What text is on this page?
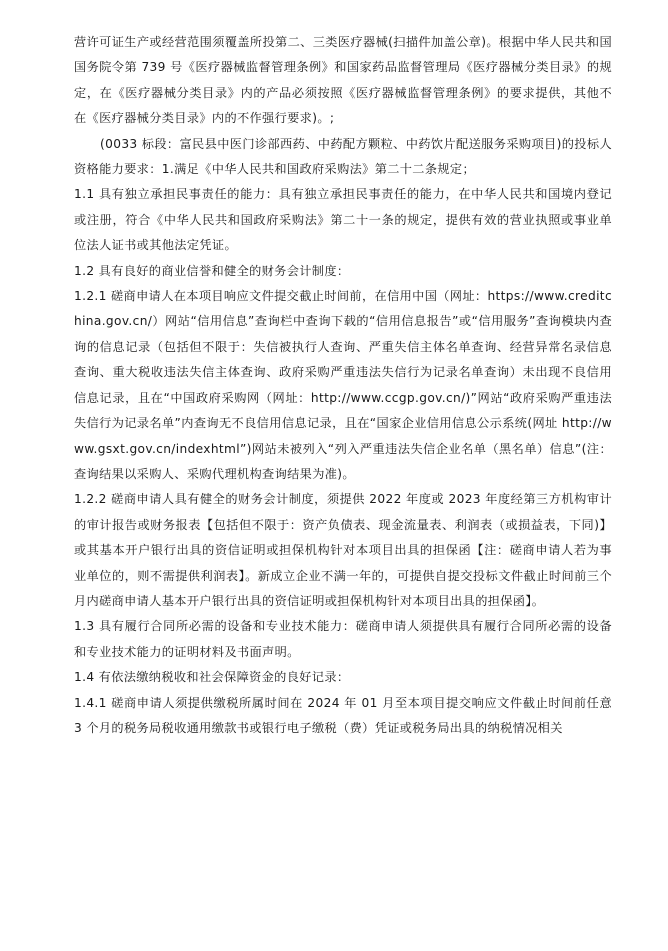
营许可证生产或经营范围须覆盖所投第二、三类医疗器械(扫描件加盖公章)。根据中华人民共和国国务院令第 739 号《医疗器械监督管理条例》和国家药品监督管理局《医疗器械分类目录》的规定，在《医疗器械分类目录》内的产品必须按照《医疗器械监督管理条例》的要求提供，其他不在《医疗器械分类目录》内的不作强行要求)。;

(0033 标段：富民县中医门诊部西药、中药配方颗粒、中药饮片配送服务采购项目)的投标人资格能力要求：1.满足《中华人民共和国政府采购法》第二十二条规定；

1.1 具有独立承担民事责任的能力：具有独立承担民事责任的能力，在中华人民共和国境内登记或注册，符合《中华人民共和国政府采购法》第二十一条的规定，提供有效的营业执照或事业单位法人证书或其他法定凭证。

1.2 具有良好的商业信誉和健全的财务会计制度：

1.2.1 磋商申请人在本项目响应文件提交截止时间前，在信用中国（网址：https://www.creditchina.gov.cn/）网站“信用信息”查询栏中查询下载的“信用信息报告”或“信用服务”查询模块内查询的信息记录（包括但不限于：失信被执行人查询、严重失信主体名单查询、经营异常名录信息查询、重大税收违法失信主体查询、政府采购严重违法失信行为记录名单查询）未出现不良信用信息记录，且在“中国政府采购网（网址：http://www.ccgp.gov.cn/)”网站“政府采购严重违法失信行为记录名单”内查询无不良信用信息记录，且在“国家企业信用信息公示系统(网址 http://www.gsxt.gov.cn/indexhtml”)网站未被列入“列入严重违法失信企业名单（黑名单）信息”(注：查询结果以采购人、采购代理机构查询结果为准)。

1.2.2 磋商申请人具有健全的财务会计制度，须提供 2022 年度或 2023 年度经第三方机构审计的审计报告或财务报表【包括但不限于：资产负债表、现金流量表、利润表（或损益表，下同)】或其基本开户银行出具的资信证明或担保机构针对本项目出具的担保函【注：磋商申请人若为事业单位的，则不需提供利润表】。新成立企业不满一年的，可提供自提交投标文件截止时间前三个月内磋商申请人基本开户银行出具的资信证明或担保机构针对本项目出具的担保函】。

1.3 具有履行合同所必需的设备和专业技术能力：磋商申请人须提供具有履行合同所必需的设备和专业技术能力的证明材料及书面声明。

1.4 有依法缴纳税收和社会保障资金的良好记录：

1.4.1 磋商申请人须提供缴税所属时间在 2024 年 01 月至本项目提交响应文件截止时间前任意 3 个月的税务局税收通用缴款书或银行电子缴税（费）凭证或税务局出具的纳税情况相关
